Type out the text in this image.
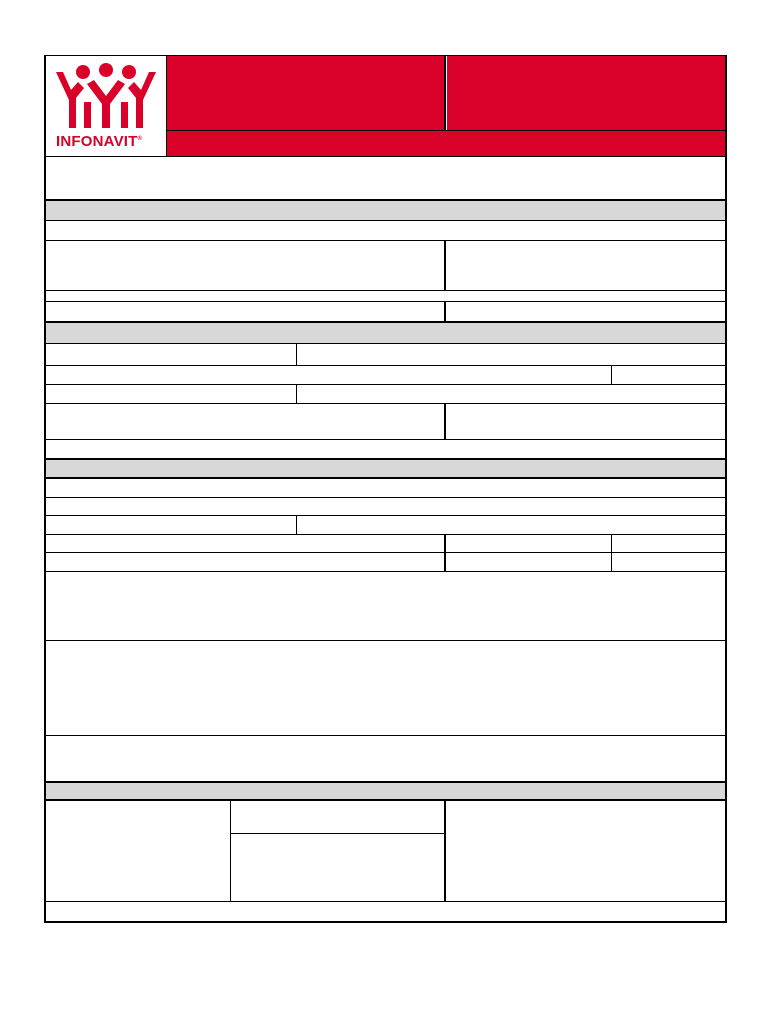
INFONAVIT®
